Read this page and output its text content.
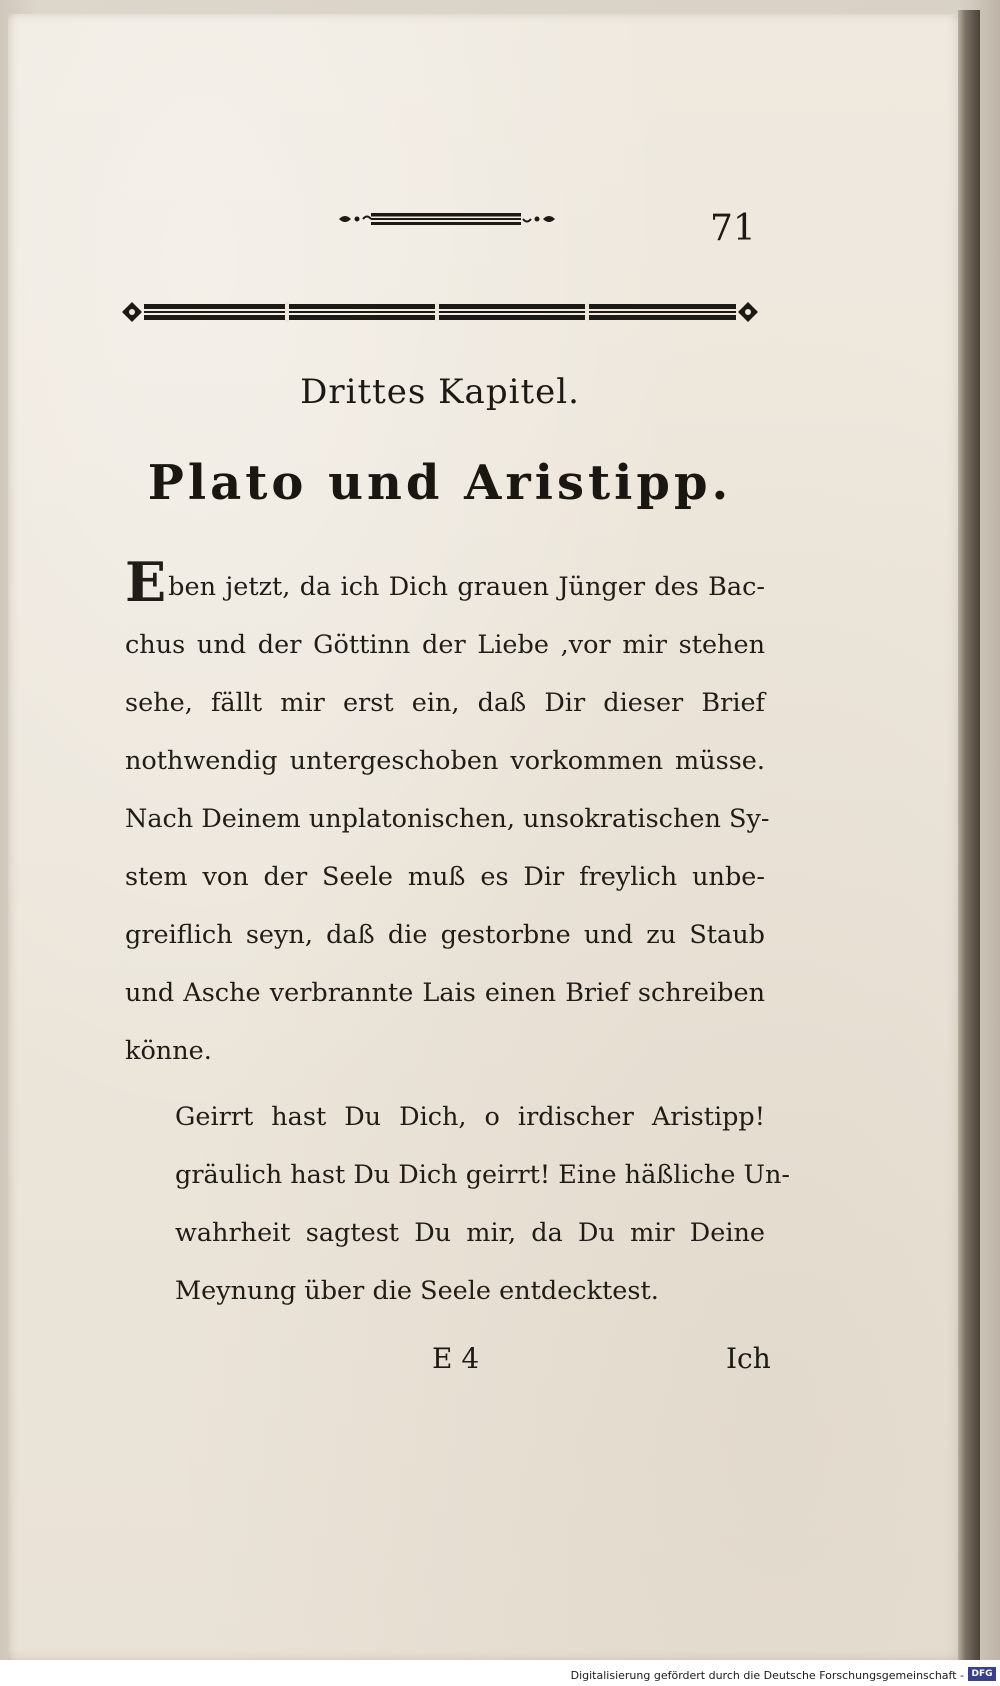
71
Drittes Kapitel.
Plato und Aristipp.

Eben jetzt, da ich Dich grauen Jünger des Bac-
chus und der Göttinn der Liebe ,vor mir stehen
sehe, fällt mir erst ein, daß Dir dieser Brief
nothwendig untergeschoben vorkommen müsse.
Nach Deinem unplatonischen, unsokratischen Sy-
stem von der Seele muß es Dir freylich unbe-
greiflich seyn, daß die gestorbne und zu Staub
und Asche verbrannte Lais einen Brief schreiben
könne.

Geirrt hast Du Dich, o irdischer Aristipp!
gräulich hast Du Dich geirrt! Eine häßliche Un-
wahrheit sagtest Du mir, da Du mir Deine
Meynung über die Seele entdecktest.

E 4	Ich
Digitalisierung gefördert durch die Deutsche Forschungsgemeinschaft - DFG
